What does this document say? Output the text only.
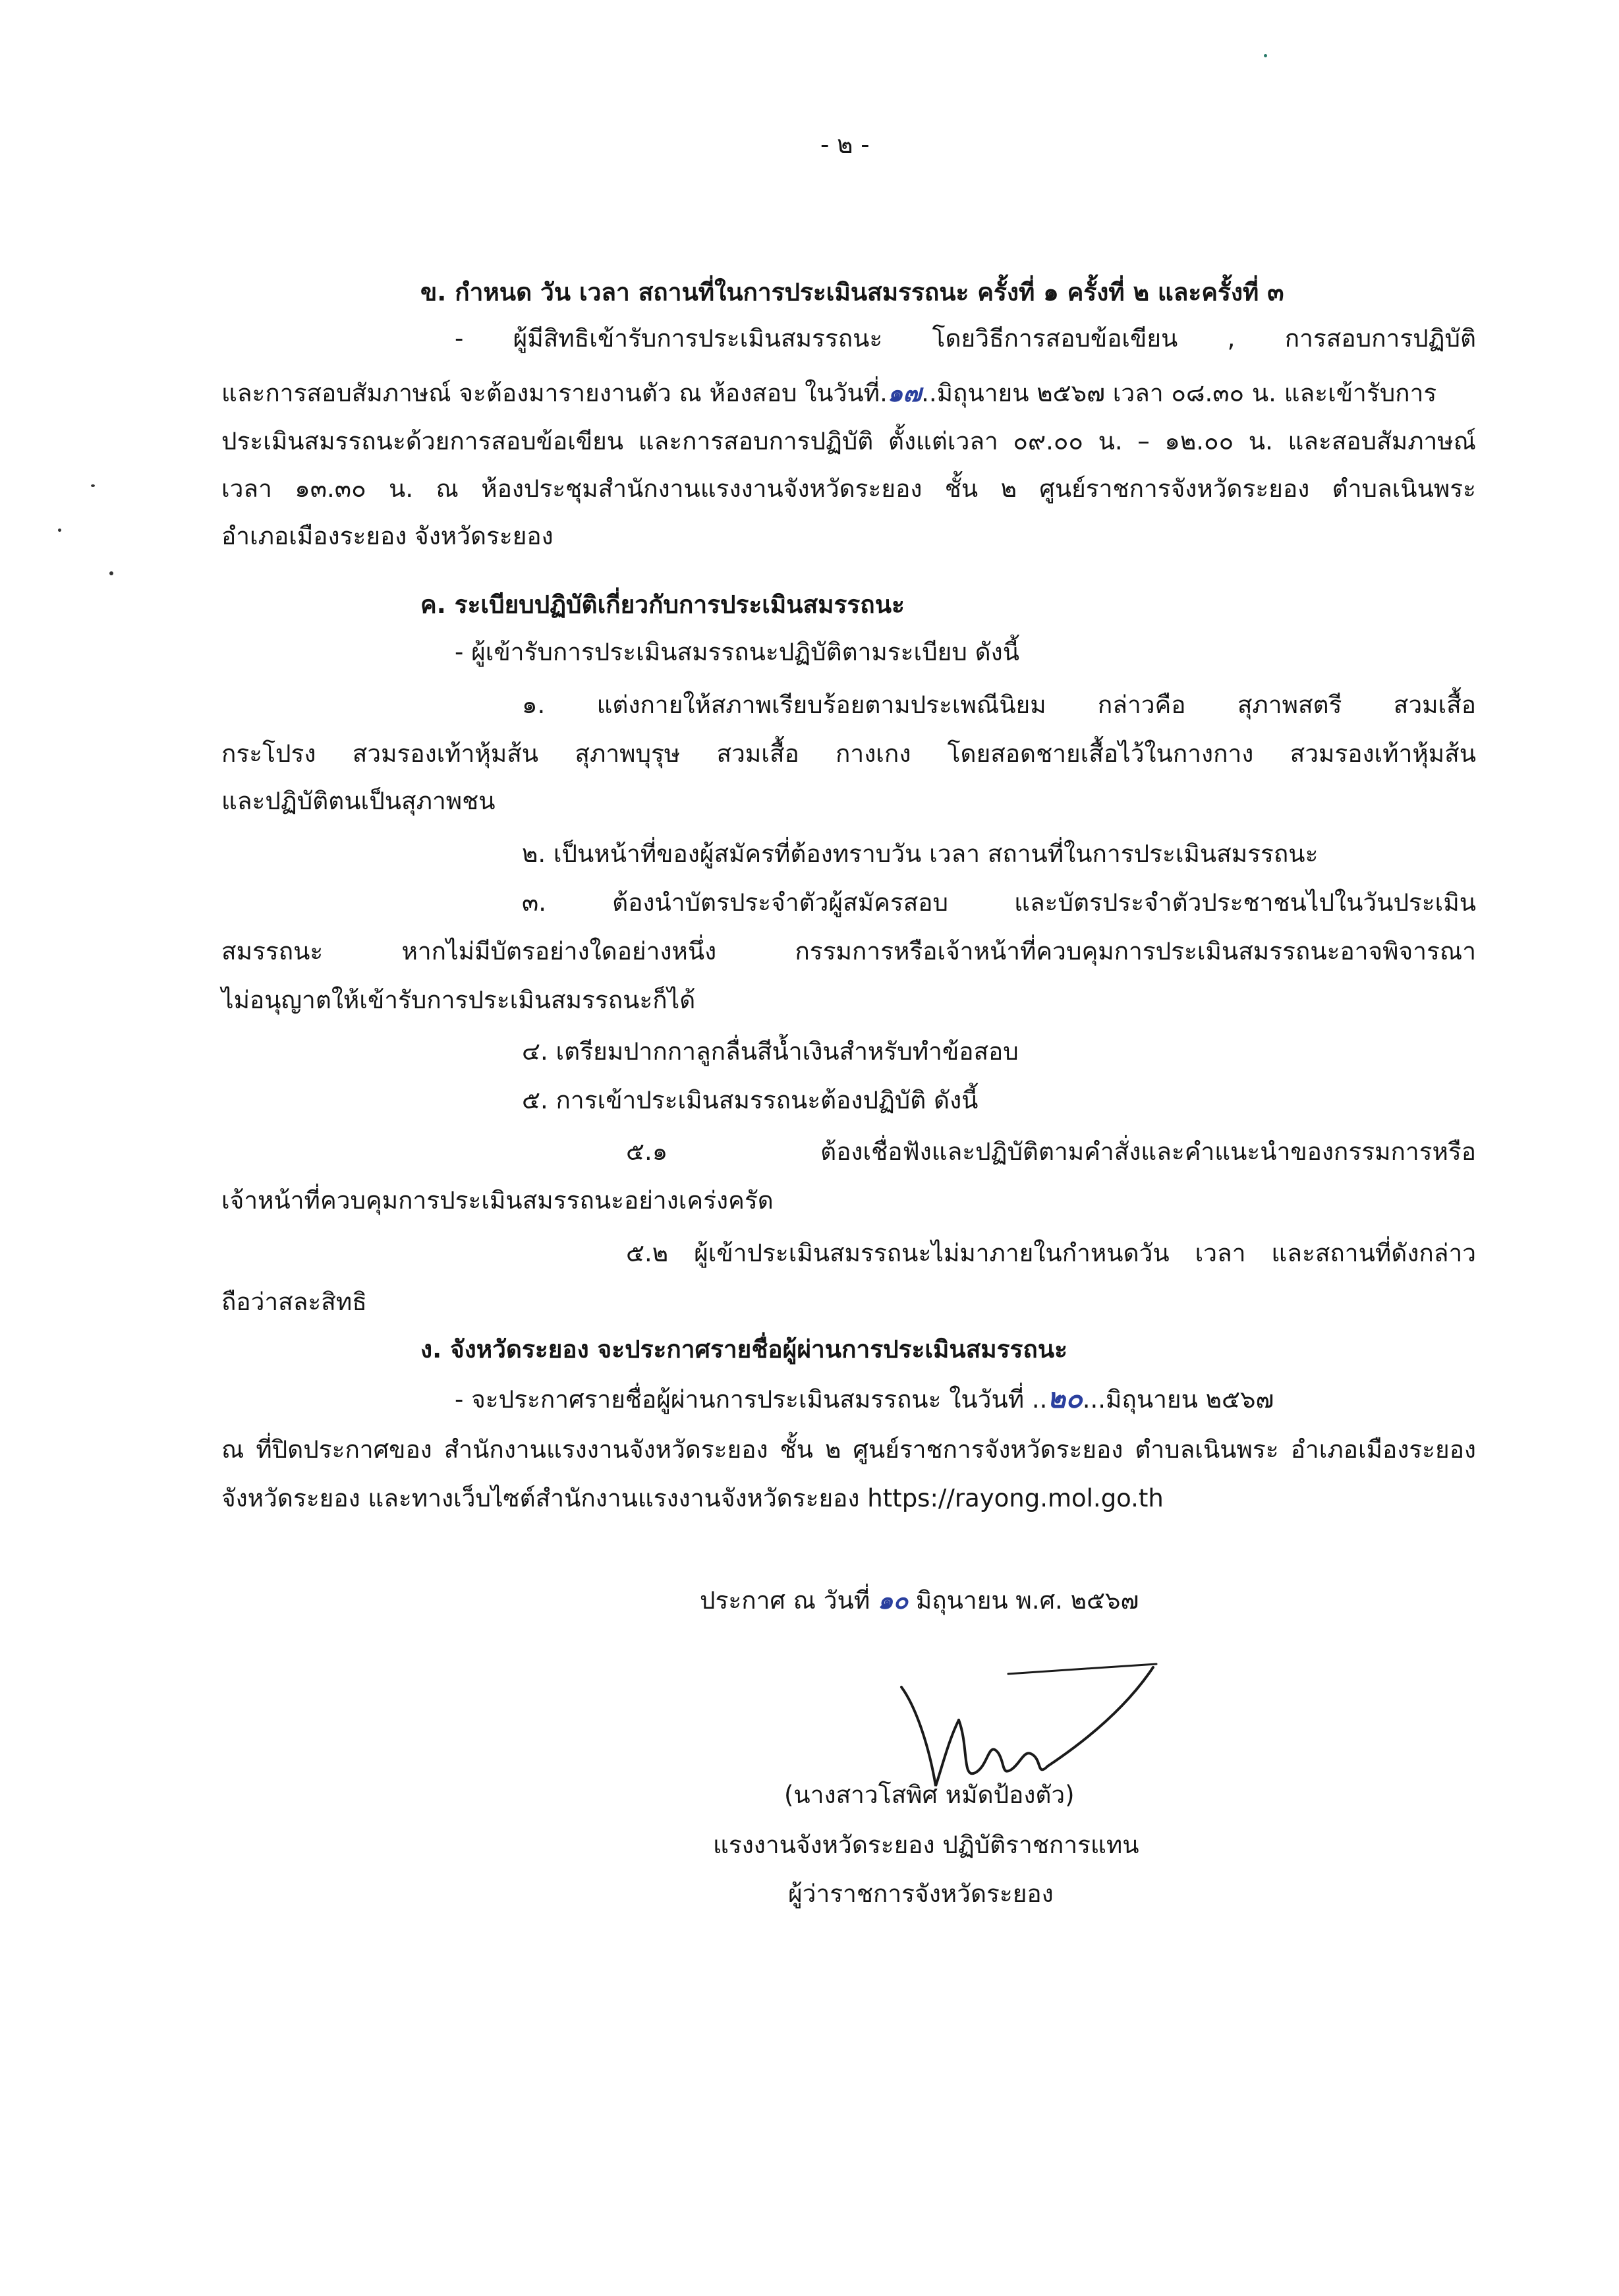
- ๒ -
ข. กำหนด วัน เวลา สถานที่ในการประเมินสมรรถนะ ครั้งที่ ๑ ครั้งที่ ๒ และครั้งที่ ๓
- ผู้มีสิทธิเข้ารับการประเมินสมรรถนะ โดยวิธีการสอบข้อเขียน , การสอบการปฏิบัติ
และการสอบสัมภาษณ์ จะต้องมารายงานตัว ณ ห้องสอบ ในวันที่.๑๗..มิถุนายน ๒๕๖๗ เวลา ๐๘.๓๐ น. และเข้ารับการ
ประเมินสมรรถนะด้วยการสอบข้อเขียน และการสอบการปฏิบัติ ตั้งแต่เวลา ๐๙.๐๐ น. – ๑๒.๐๐ น. และสอบสัมภาษณ์
เวลา ๑๓.๓๐ น. ณ ห้องประชุมสำนักงานแรงงานจังหวัดระยอง ชั้น ๒ ศูนย์ราชการจังหวัดระยอง ตำบลเนินพระ
อำเภอเมืองระยอง จังหวัดระยอง
ค. ระเบียบปฏิบัติเกี่ยวกับการประเมินสมรรถนะ
- ผู้เข้ารับการประเมินสมรรถนะปฏิบัติตามระเบียบ ดังนี้
๑. แต่งกายให้สภาพเรียบร้อยตามประเพณีนิยม กล่าวคือ สุภาพสตรี สวมเสื้อ
กระโปรง สวมรองเท้าหุ้มส้น สุภาพบุรุษ สวมเสื้อ กางเกง โดยสอดชายเสื้อไว้ในกางกาง สวมรองเท้าหุ้มส้น
และปฏิบัติตนเป็นสุภาพชน
๒. เป็นหน้าที่ของผู้สมัครที่ต้องทราบวัน เวลา สถานที่ในการประเมินสมรรถนะ
๓. ต้องนำบัตรประจำตัวผู้สมัครสอบ และบัตรประจำตัวประชาชนไปในวันประเมิน
สมรรถนะ หากไม่มีบัตรอย่างใดอย่างหนึ่ง กรรมการหรือเจ้าหน้าที่ควบคุมการประเมินสมรรถนะอาจพิจารณา
ไม่อนุญาตให้เข้ารับการประเมินสมรรถนะก็ได้
๔. เตรียมปากกาลูกลื่นสีน้ำเงินสำหรับทำข้อสอบ
๕. การเข้าประเมินสมรรถนะต้องปฏิบัติ ดังนี้
๕.๑ ต้องเชื่อฟังและปฏิบัติตามคำสั่งและคำแนะนำของกรรมการหรือ
เจ้าหน้าที่ควบคุมการประเมินสมรรถนะอย่างเคร่งครัด
๕.๒ ผู้เข้าประเมินสมรรถนะไม่มาภายในกำหนดวัน เวลา และสถานที่ดังกล่าว
ถือว่าสละสิทธิ
ง. จังหวัดระยอง จะประกาศรายชื่อผู้ผ่านการประเมินสมรรถนะ
- จะประกาศรายชื่อผู้ผ่านการประเมินสมรรถนะ ในวันที่ ..๒๐...มิถุนายน ๒๕๖๗
ณ ที่ปิดประกาศของ สำนักงานแรงงานจังหวัดระยอง ชั้น ๒ ศูนย์ราชการจังหวัดระยอง ตำบลเนินพระ อำเภอเมืองระยอง
จังหวัดระยอง และทางเว็บไซต์สำนักงานแรงงานจังหวัดระยอง https://rayong.mol.go.th
ประกาศ ณ วันที่ ๑๐ มิถุนายน พ.ศ. ๒๕๖๗
(นางสาวโสพิศ หมัดป้องตัว)
แรงงานจังหวัดระยอง ปฏิบัติราชการแทน
ผู้ว่าราชการจังหวัดระยอง
